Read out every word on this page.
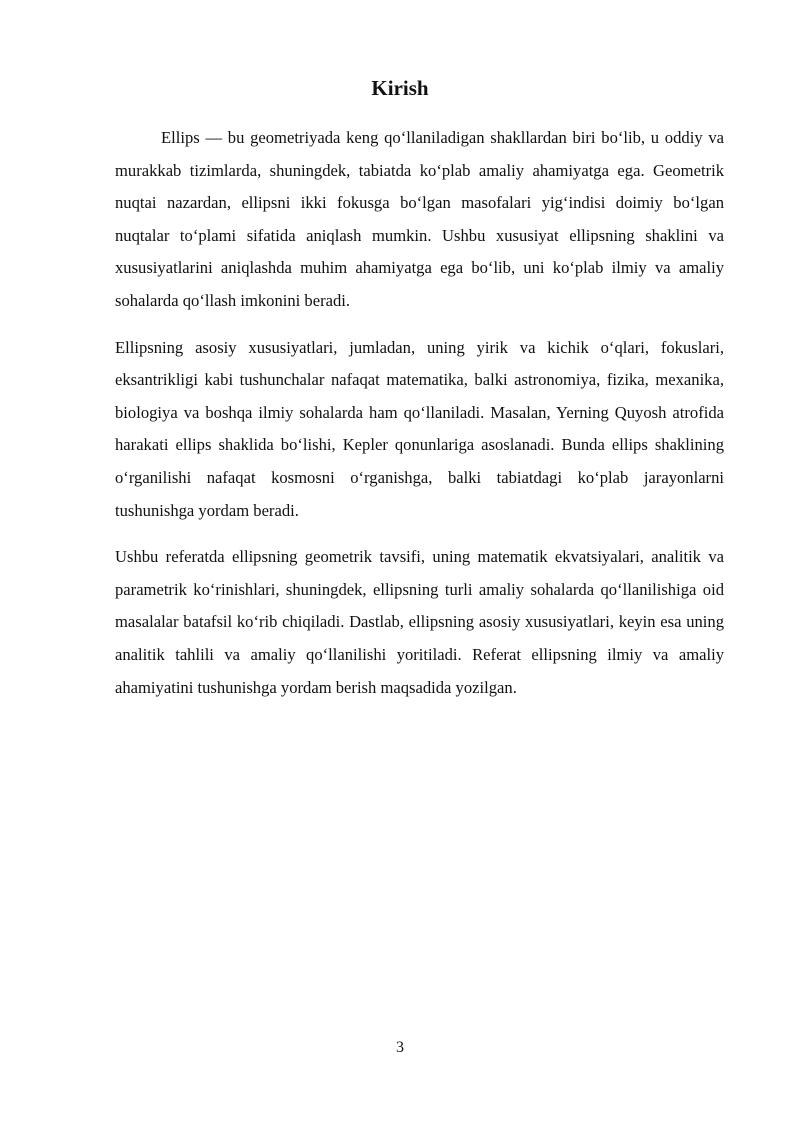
Kirish

Ellips — bu geometriyada keng qo‘llaniladigan shakllardan biri bo‘lib, u oddiy va murakkab tizimlarda, shuningdek, tabiatda ko‘plab amaliy ahamiyatga ega. Geometrik nuqtai nazardan, ellipsni ikki fokusga bo‘lgan masofalari yig‘indisi doimiy bo‘lgan nuqtalar to‘plami sifatida aniqlash mumkin. Ushbu xususiyat ellipsning shaklini va xususiyatlarini aniqlashda muhim ahamiyatga ega bo‘lib, uni ko‘plab ilmiy va amaliy sohalarda qo‘llash imkonini beradi.

Ellipsning asosiy xususiyatlari, jumladan, uning yirik va kichik o‘qlari, fokuslari, eksantrikligi kabi tushunchalar nafaqat matematika, balki astronomiya, fizika, mexanika, biologiya va boshqa ilmiy sohalarda ham qo‘llaniladi. Masalan, Yerning Quyosh atrofida harakati ellips shaklida bo‘lishi, Kepler qonunlariga asoslanadi. Bunda ellips shaklining o‘rganilishi nafaqat kosmosni o‘rganishga, balki tabiatdagi ko‘plab jarayonlarni tushunishga yordam beradi.

Ushbu referatda ellipsning geometrik tavsifi, uning matematik ekvatsiyalari, analitik va parametrik ko‘rinishlari, shuningdek, ellipsning turli amaliy sohalarda qo‘llanilishiga oid masalalar batafsil ko‘rib chiqiladi. Dastlab, ellipsning asosiy xususiyatlari, keyin esa uning analitik tahlili va amaliy qo‘llanilishi yoritiladi. Referat ellipsning ilmiy va amaliy ahamiyatini tushunishga yordam berish maqsadida yozilgan.

3
